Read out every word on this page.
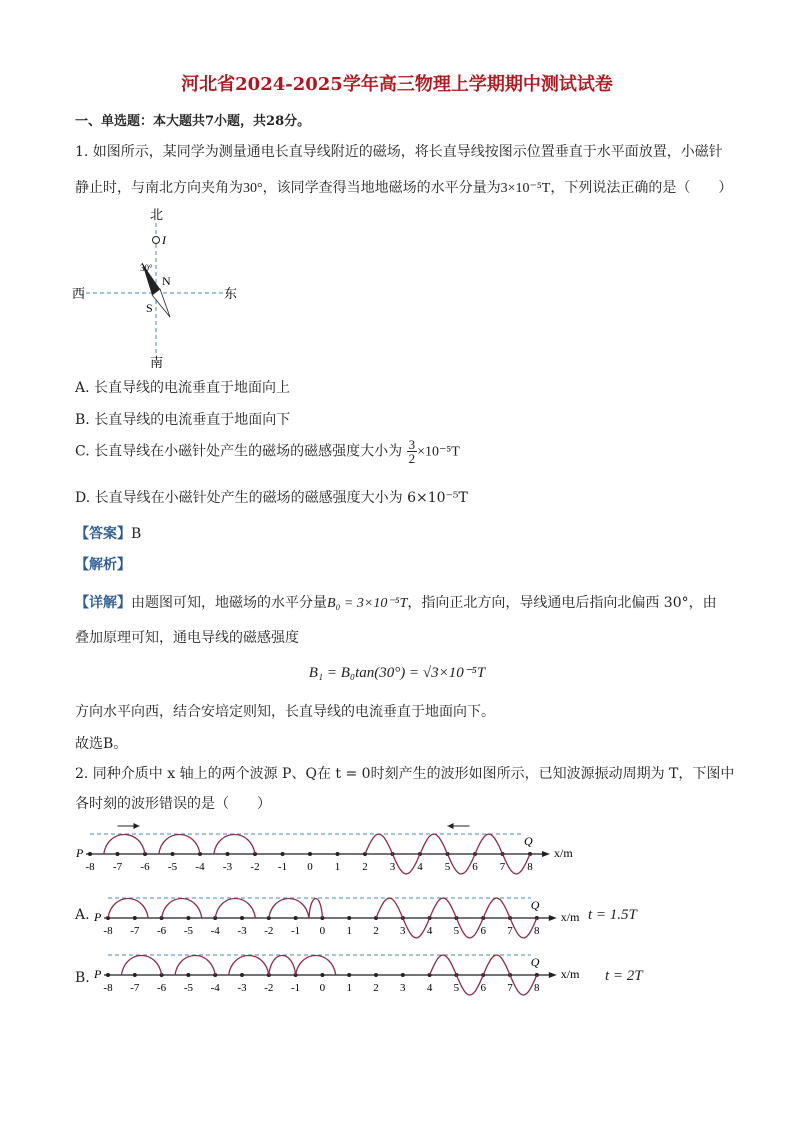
河北省2024-2025学年高三物理上学期期中测试试卷
一、单选题：本大题共7小题，共28分。
1. 如图所示，某同学为测量通电长直导线附近的磁场，将长直导线按图示位置垂直于水平面放置，小磁针
静止时，与南北方向夹角为30°，该同学查得当地地磁场的水平分量为3×10⁻⁵T，下列说法正确的是（　　）
北
南
西	东
I
30°
N
S
A. 长直导线的电流垂直于地面向上
B. 长直导线的电流垂直于地面向下
C. 长直导线在小磁针处产生的磁场的磁感强度大小为 $\frac{3}{2} \times 10^{-5}T$
D. 长直导线在小磁针处产生的磁场的磁感强度大小为 6×10⁻⁵T
【答案】B
【解析】
【详解】由题图可知，地磁场的水平分量B₀ = 3×10⁻⁵T，指向正北方向，导线通电后指向北偏西 30°，由
叠加原理可知，通电导线的磁感强度
B₁ = B₀tan(30°) = √3×10⁻⁵T
方向水平向西，结合安培定则知，长直导线的电流垂直于地面向下。
故选B。
2. 同种介质中 x 轴上的两个波源 P、Q在 t = 0时刻产生的波形如图所示，已知波源振动周期为 T，下图中
各时刻的波形错误的是（　　）
-8 -7 -6 -5 -4 -3 -2 -1 0 1 2 3 4 5 6 7 8
P
Q
x/m
A.
-8 -7 -6 -5 -4 -3 -2 -1 0 1 2 3 4 5 6 7 8
P
Q
x/m t = 1.5T
B.
-8 -7 -6 -5 -4 -3 -2 -1 0 1 2 3 4 5 6 7 8
P
Q
x/m t = 2T
